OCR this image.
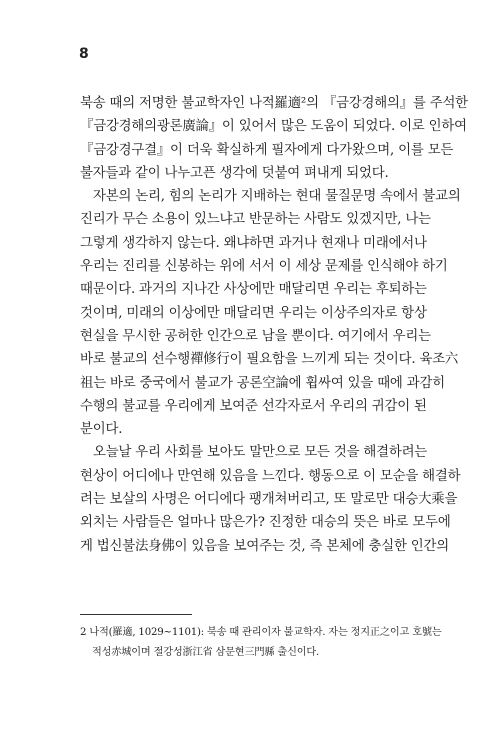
8
북송 때의 저명한 불교학자인 나적羅適²의 『금강경해의』를 주석한
『금강경해의광론廣論』이 있어서 많은 도움이 되었다. 이로 인하여
『금강경구결』이 더욱 확실하게 필자에게 다가왔으며, 이를 모든
불자들과 같이 나누고픈 생각에 덧붙여 펴내게 되었다.
자본의 논리, 힘의 논리가 지배하는 현대 물질문명 속에서 불교의
진리가 무슨 소용이 있느냐고 반문하는 사람도 있겠지만, 나는
그렇게 생각하지 않는다. 왜냐하면 과거나 현재나 미래에서나
우리는 진리를 신봉하는 위에 서서 이 세상 문제를 인식해야 하기
때문이다. 과거의 지나간 사상에만 매달리면 우리는 후퇴하는
것이며, 미래의 이상에만 매달리면 우리는 이상주의자로 항상
현실을 무시한 공허한 인간으로 남을 뿐이다. 여기에서 우리는
바로 불교의 선수행禪修行이 필요함을 느끼게 되는 것이다. 육조六
祖는 바로 중국에서 불교가 공론空論에 휩싸여 있을 때에 과감히
수행의 불교를 우리에게 보여준 선각자로서 우리의 귀감이 된
분이다.
오늘날 우리 사회를 보아도 말만으로 모든 것을 해결하려는
현상이 어디에나 만연해 있음을 느낀다. 행동으로 이 모순을 해결하
려는 보살의 사명은 어디에다 팽개쳐버리고, 또 말로만 대승大乘을
외치는 사람들은 얼마나 많은가? 진정한 대승의 뜻은 바로 모두에
게 법신불法身佛이 있음을 보여주는 것, 즉 본체에 충실한 인간의
2 나적(羅適, 1029~1101): 북송 때 관리이자 불교학자. 자는 정지正之이고 호號는
적성赤城이며 절강성浙江省 삼문현三門縣 출신이다.
